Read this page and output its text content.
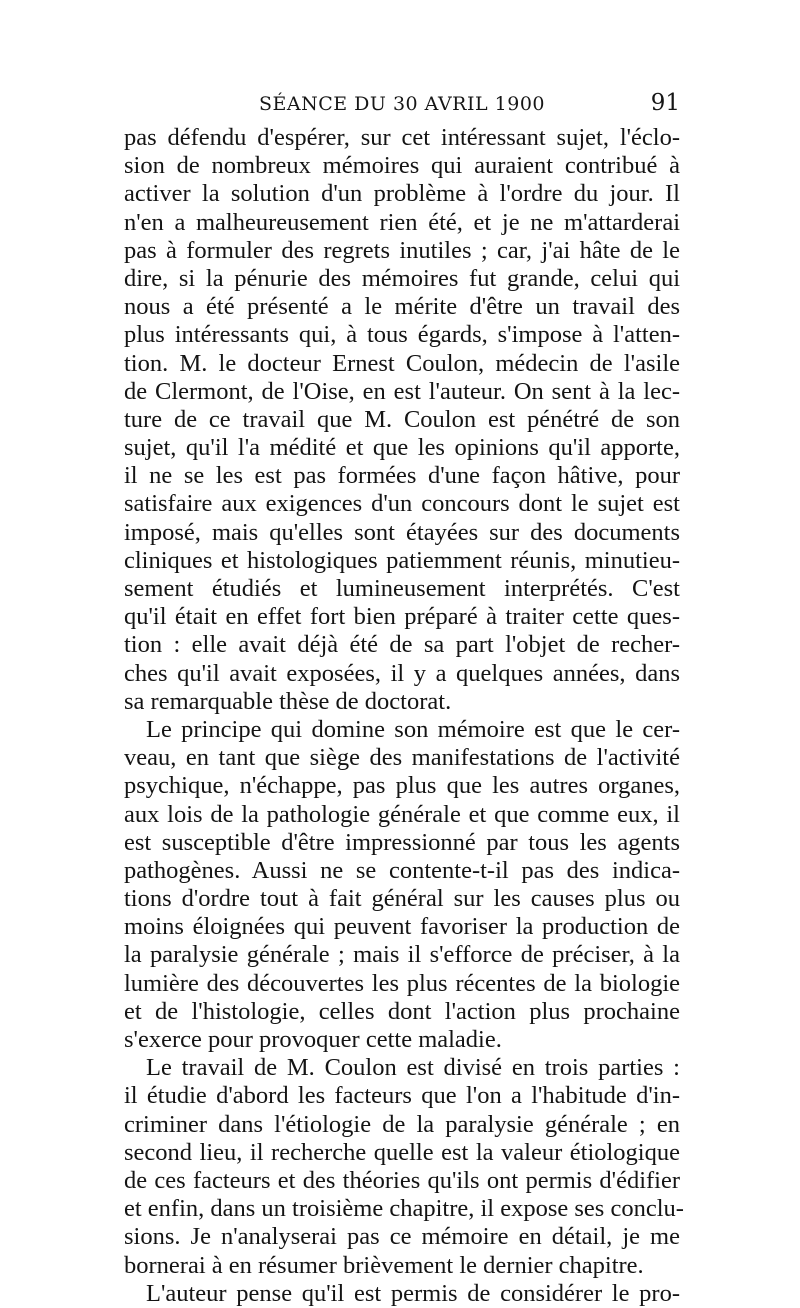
SÉANCE DU 30 AVRIL 1900	91
pas défendu d'espérer, sur cet intéressant sujet, l'éclo-
sion de nombreux mémoires qui auraient contribué à
activer la solution d'un problème à l'ordre du jour. Il
n'en a malheureusement rien été, et je ne m'attarderai
pas à formuler des regrets inutiles ; car, j'ai hâte de le
dire, si la pénurie des mémoires fut grande, celui qui
nous a été présenté a le mérite d'être un travail des
plus intéressants qui, à tous égards, s'impose à l'atten-
tion. M. le docteur Ernest Coulon, médecin de l'asile
de Clermont, de l'Oise, en est l'auteur. On sent à la lec-
ture de ce travail que M. Coulon est pénétré de son
sujet, qu'il l'a médité et que les opinions qu'il apporte,
il ne se les est pas formées d'une façon hâtive, pour
satisfaire aux exigences d'un concours dont le sujet est
imposé, mais qu'elles sont étayées sur des documents
cliniques et histologiques patiemment réunis, minutieu-
sement étudiés et lumineusement interprétés. C'est
qu'il était en effet fort bien préparé à traiter cette ques-
tion : elle avait déjà été de sa part l'objet de recher-
ches qu'il avait exposées, il y a quelques années, dans
sa remarquable thèse de doctorat.
Le principe qui domine son mémoire est que le cer-
veau, en tant que siège des manifestations de l'activité
psychique, n'échappe, pas plus que les autres organes,
aux lois de la pathologie générale et que comme eux, il
est susceptible d'être impressionné par tous les agents
pathogènes. Aussi ne se contente-t-il pas des indica-
tions d'ordre tout à fait général sur les causes plus ou
moins éloignées qui peuvent favoriser la production de
la paralysie générale ; mais il s'efforce de préciser, à la
lumière des découvertes les plus récentes de la biologie
et de l'histologie, celles dont l'action plus prochaine
s'exerce pour provoquer cette maladie.
Le travail de M. Coulon est divisé en trois parties :
il étudie d'abord les facteurs que l'on a l'habitude d'in-
criminer dans l'étiologie de la paralysie générale ; en
second lieu, il recherche quelle est la valeur étiologique
de ces facteurs et des théories qu'ils ont permis d'édifier
et enfin, dans un troisième chapitre, il expose ses conclu-
sions. Je n'analyserai pas ce mémoire en détail, je me
bornerai à en résumer brièvement le dernier chapitre.
L'auteur pense qu'il est permis de considérer le pro-
